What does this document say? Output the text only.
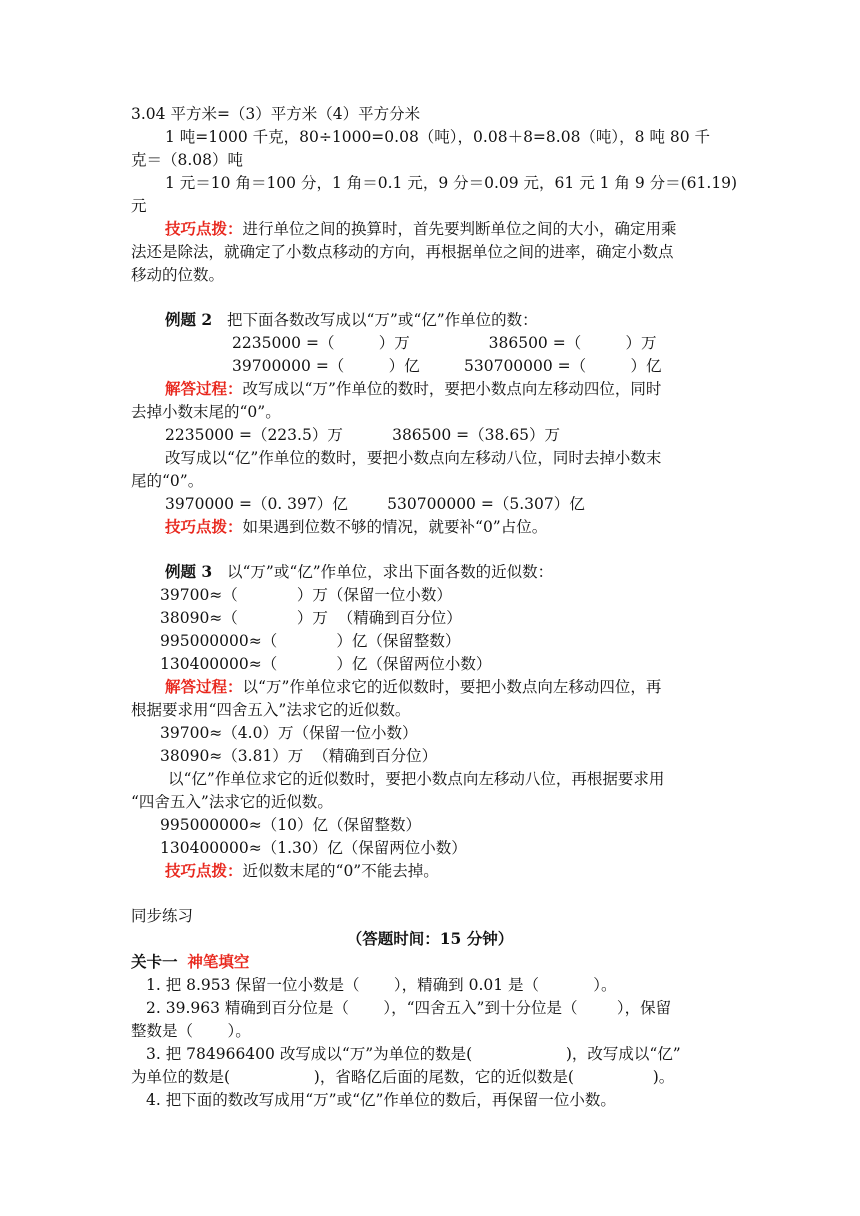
3.04 平方米=（3）平方米（4）平方分米
1 吨=1000 千克，80÷1000=0.08（吨），0.08＋8=8.08（吨），8 吨 80 千
克＝（8.08）吨
1 元＝10 角＝100 分，1 角＝0.1 元，9 分＝0.09 元，61 元 1 角 9 分＝(61.19)
元
技巧点拨：进行单位之间的换算时，首先要判断单位之间的大小，确定用乘
法还是除法，就确定了小数点移动的方向，再根据单位之间的进率，确定小数点
移动的位数。
例题 2   把下面各数改写成以“万”或“亿”作单位的数：
2235000 =（         ）万                386500 =（         ）万
39700000 =（         ）亿         530700000 =（         ）亿
解答过程：改写成以“万”作单位的数时，要把小数点向左移动四位，同时
去掉小数末尾的“0”。
2235000 =（223.5）万          386500 =（38.65）万
改写成以“亿”作单位的数时，要把小数点向左移动八位，同时去掉小数末
尾的“0”。
3970000 =（0. 397）亿        530700000 =（5.307）亿
技巧点拨：如果遇到位数不够的情况，就要补“0”占位。
例题 3   以“万”或“亿”作单位，求出下面各数的近似数：
39700≈（            ）万（保留一位小数）
38090≈（            ）万  （精确到百分位）
995000000≈（            ）亿（保留整数）
130400000≈（            ）亿（保留两位小数）
解答过程：以“万”作单位求它的近似数时，要把小数点向左移动四位，再
根据要求用“四舍五入”法求它的近似数。
39700≈（4.0）万（保留一位小数）
38090≈（3.81）万  （精确到百分位）
以“亿”作单位求它的近似数时，要把小数点向左移动八位，再根据要求用
“四舍五入”法求它的近似数。
995000000≈（10）亿（保留整数）
130400000≈（1.30）亿（保留两位小数）
技巧点拨：近似数末尾的“0”不能去掉。
同步练习
（答题时间：15 分钟）
关卡一 神笔填空
1. 把 8.953 保留一位小数是（       ），精确到 0.01 是（           ）。
2. 39.963 精确到百分位是（       ），“四舍五入”到十分位是（        ），保留
整数是（       ）。
3. 把 784966400 改写成以“万”为单位的数是(                   )，改写成以“亿”
为单位的数是(                 )，省略亿后面的尾数，它的近似数是(                )。
4. 把下面的数改写成用“万”或“亿”作单位的数后，再保留一位小数。
